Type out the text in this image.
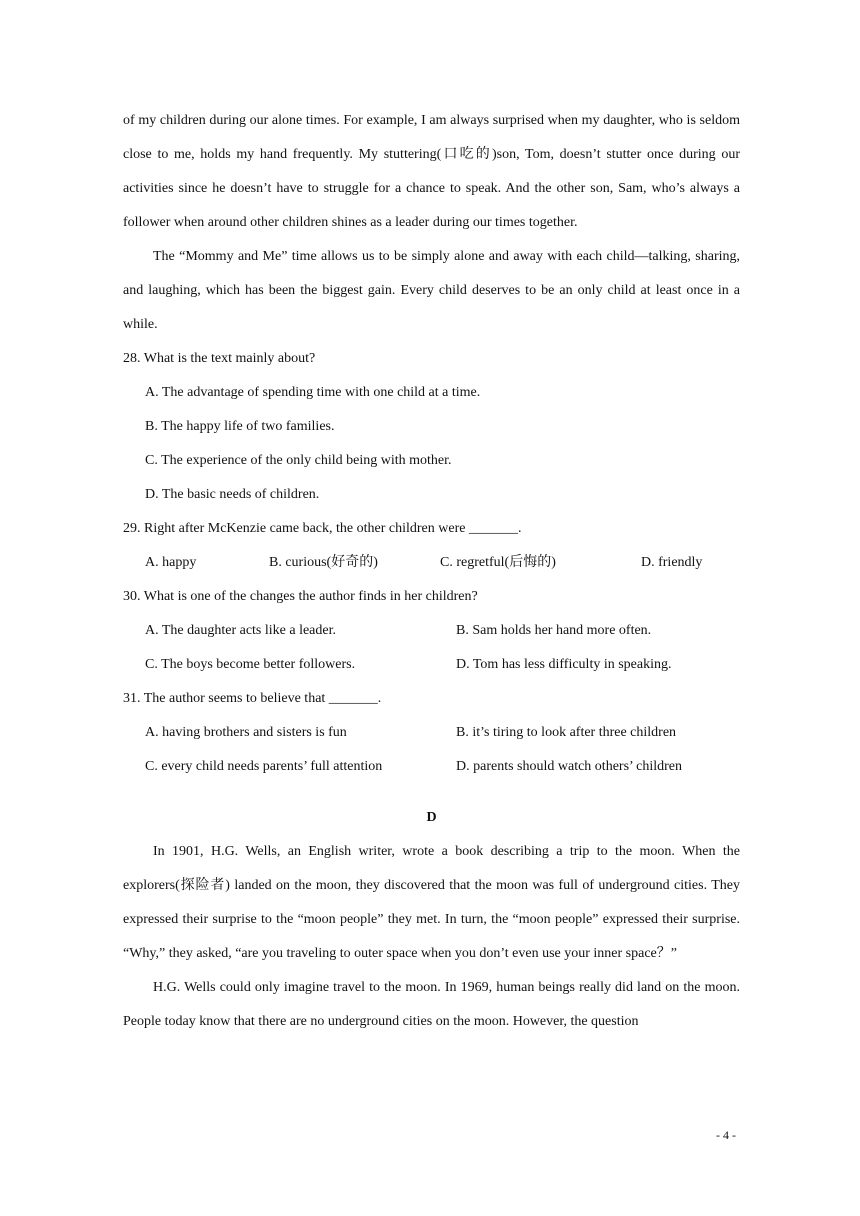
of my children during our alone times. For example, I am always surprised when my daughter, who is seldom close to me, holds my hand frequently. My stuttering(口吃的)son, Tom, doesn’t stutter once during our activities since he doesn’t have to struggle for a chance to speak. And the other son, Sam, who’s always a follower when around other children shines as a leader during our times together.

The “Mommy and Me” time allows us to be simply alone and away with each child—talking, sharing, and laughing, which has been the biggest gain. Every child deserves to be an only child at least once in a while.

28. What is the text mainly about?

A. The advantage of spending time with one child at a time.

B. The happy life of two families.

C. The experience of the only child being with mother.

D. The basic needs of children.

29. Right after McKenzie came back, the other children were _______.

A. happy	B. curious(好奇的)	C. regretful(后悔的)	D. friendly

30. What is one of the changes the author finds in her children?

A. The daughter acts like a leader.	B. Sam holds her hand more often.
C. The boys become better followers.	D. Tom has less difficulty in speaking.

31. The author seems to believe that _______.

A. having brothers and sisters is fun	B. it’s tiring to look after three children
C. every child needs parents’ full attention	D. parents should watch others’ children

D

In 1901, H.G. Wells, an English writer, wrote a book describing a trip to the moon. When the explorers(探险者) landed on the moon, they discovered that the moon was full of underground cities. They expressed their surprise to the “moon people” they met. In turn, the “moon people” expressed their surprise. “Why,” they asked, “are you traveling to outer space when you don’t even use your inner space？”

H.G. Wells could only imagine travel to the moon. In 1969, human beings really did land on the moon. People today know that there are no underground cities on the moon. However, the question

- 4 -
